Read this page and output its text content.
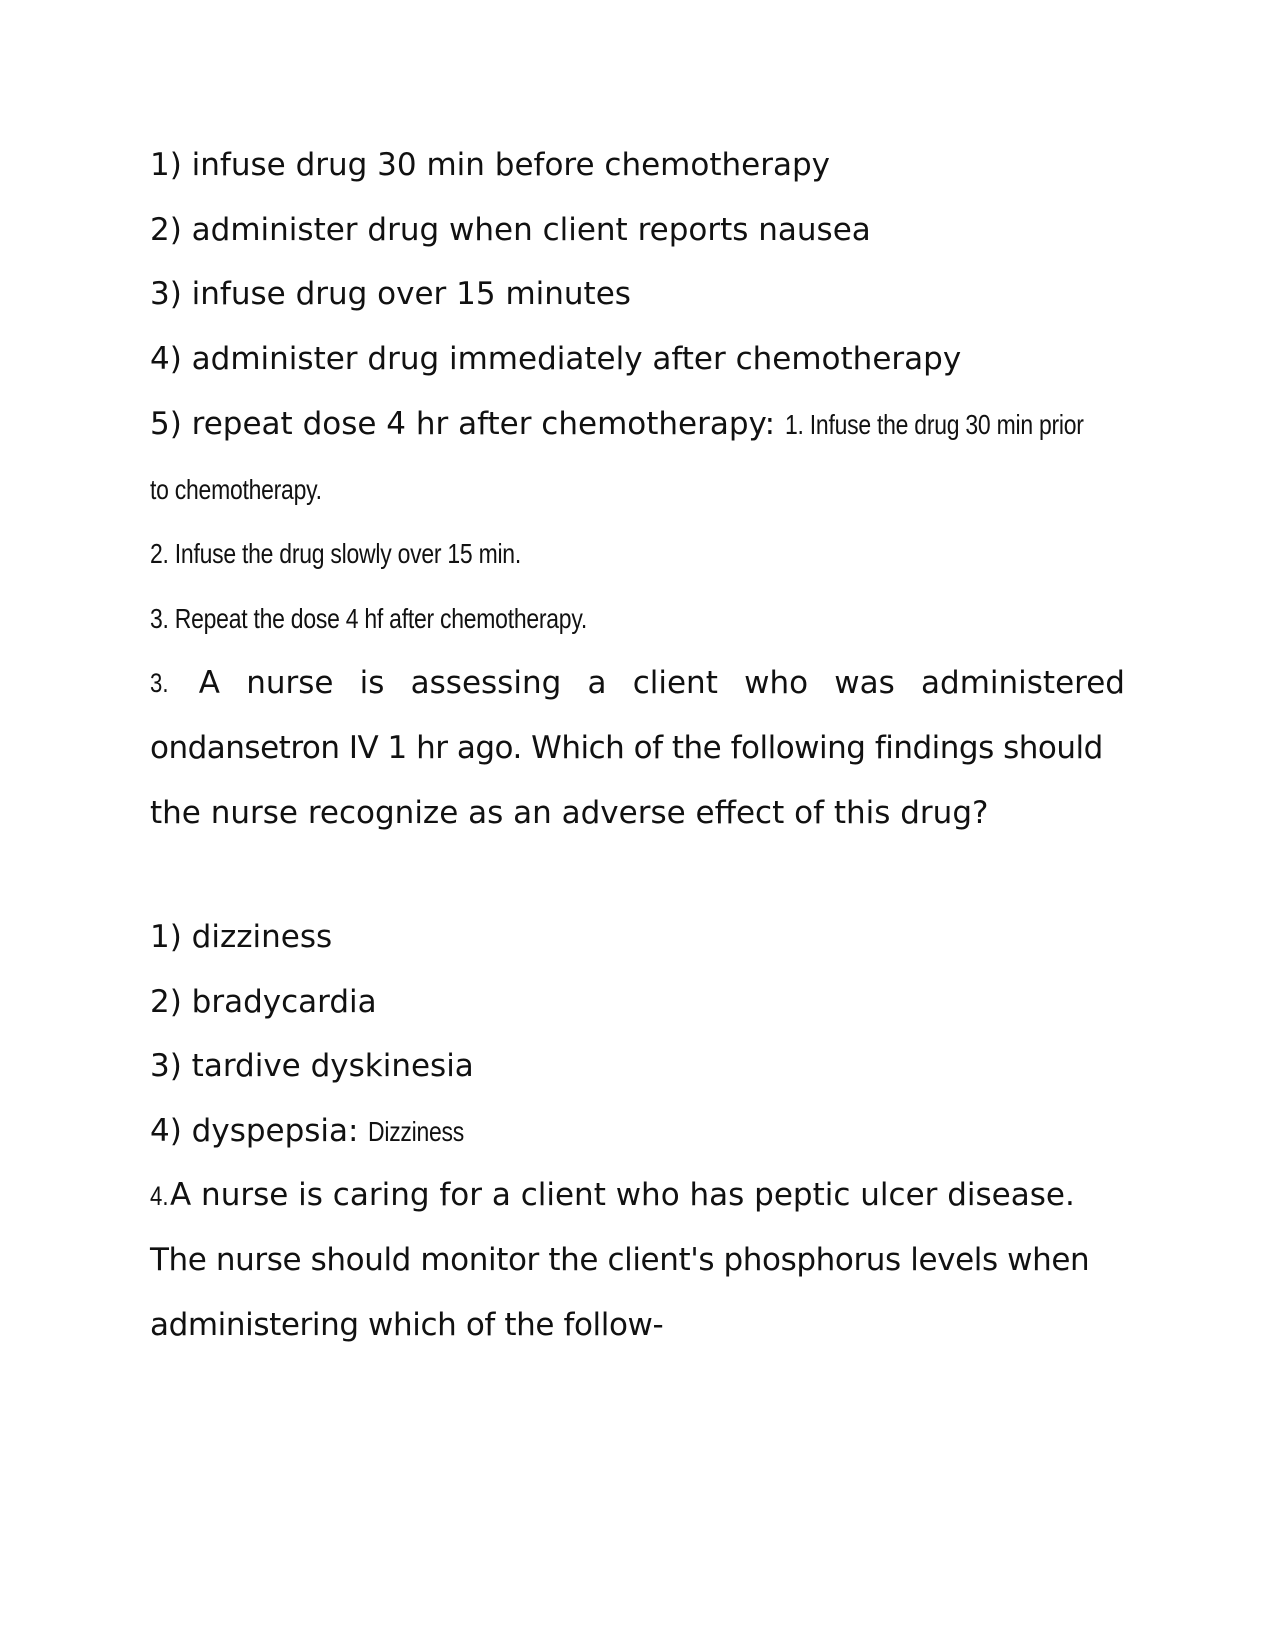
1) infuse drug 30 min before chemotherapy

2) administer drug when client reports nausea

3) infuse drug over 15 minutes

4) administer drug immediately after chemotherapy

5) repeat dose 4 hr after chemotherapy: 1. Infuse the drug 30 min prior

to chemotherapy.

2. Infuse the drug slowly over 15 min.

3. Repeat the dose 4 hf after chemotherapy.

3. A nurse is assessing a client who was administered

ondansetron IV 1 hr ago. Which of the following findings should

the nurse recognize as an adverse effect of this drug?

1) dizziness

2) bradycardia

3) tardive dyskinesia

4) dyspepsia: Dizziness

4.A nurse is caring for a client who has peptic ulcer disease.

The nurse should monitor the client's phosphorus levels when

administering which of the follow-
